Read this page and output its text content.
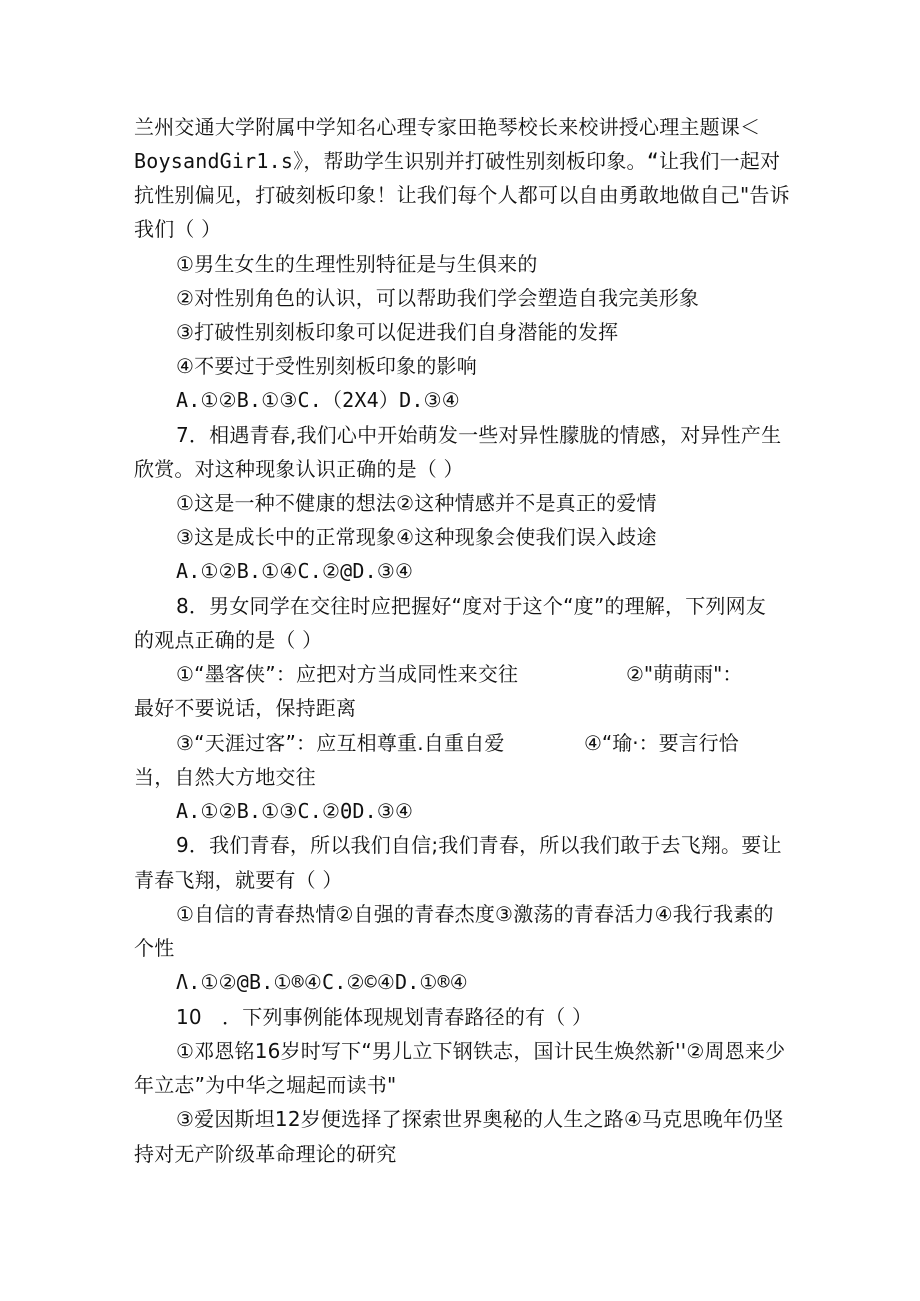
兰州交通大学附属中学知名心理专家田艳琴校长来校讲授心理主题课＜
BoysandGir1.s》，帮助学生识别并打破性别刻板印象。“让我们一起对
抗性别偏见，打破刻板印象！让我们每个人都可以自由勇敢地做自己"告诉
我们（ ）
①男生女生的生理性别特征是与生俱来的
②对性别角色的认识，可以帮助我们学会塑造自我完美形象
③打破性别刻板印象可以促进我们自身潜能的发挥
④不要过于受性别刻板印象的影响
A.①②B.①③C.（2X4）D.③④
7．相遇青春,我们心中开始萌发一些对异性朦胧的情感，对异性产生
欣赏。对这种现象认识正确的是（ ）
①这是一种不健康的想法②这种情感并不是真正的爱情
③这是成长中的正常现象④这种现象会使我们误入歧途
A.①②B.①④C.②@D.③④
8．男女同学在交往时应把握好“度对于这个“度”的理解，下列网友
的观点正确的是（ ）
①“墨客侠”：应把对方当成同性来交往	②"萌萌雨"：
最好不要说话，保持距离
③“天涯过客”：应互相尊重.自重自爱	④“瑜·：要言行恰
当，自然大方地交往
A.①②B.①③C.②ΘD.③④
9．我们青春，所以我们自信;我们青春，所以我们敢于去飞翔。要让
青春飞翔，就要有（ ）
①自信的青春热情②自强的青春杰度③激荡的青春活力④我行我素的
个性
Λ.①②@B.①®④C.②©④D.①®④
10　．下列事例能体现规划青春路径的有（ ）
①邓恩铭16岁时写下“男儿立下钢铁志，国计民生焕然新''②周恩来少
年立志”为中华之堀起而读书"
③爱因斯坦12岁便选择了探索世界奥秘的人生之路④马克思晚年仍坚
持对无产阶级革命理论的研究
